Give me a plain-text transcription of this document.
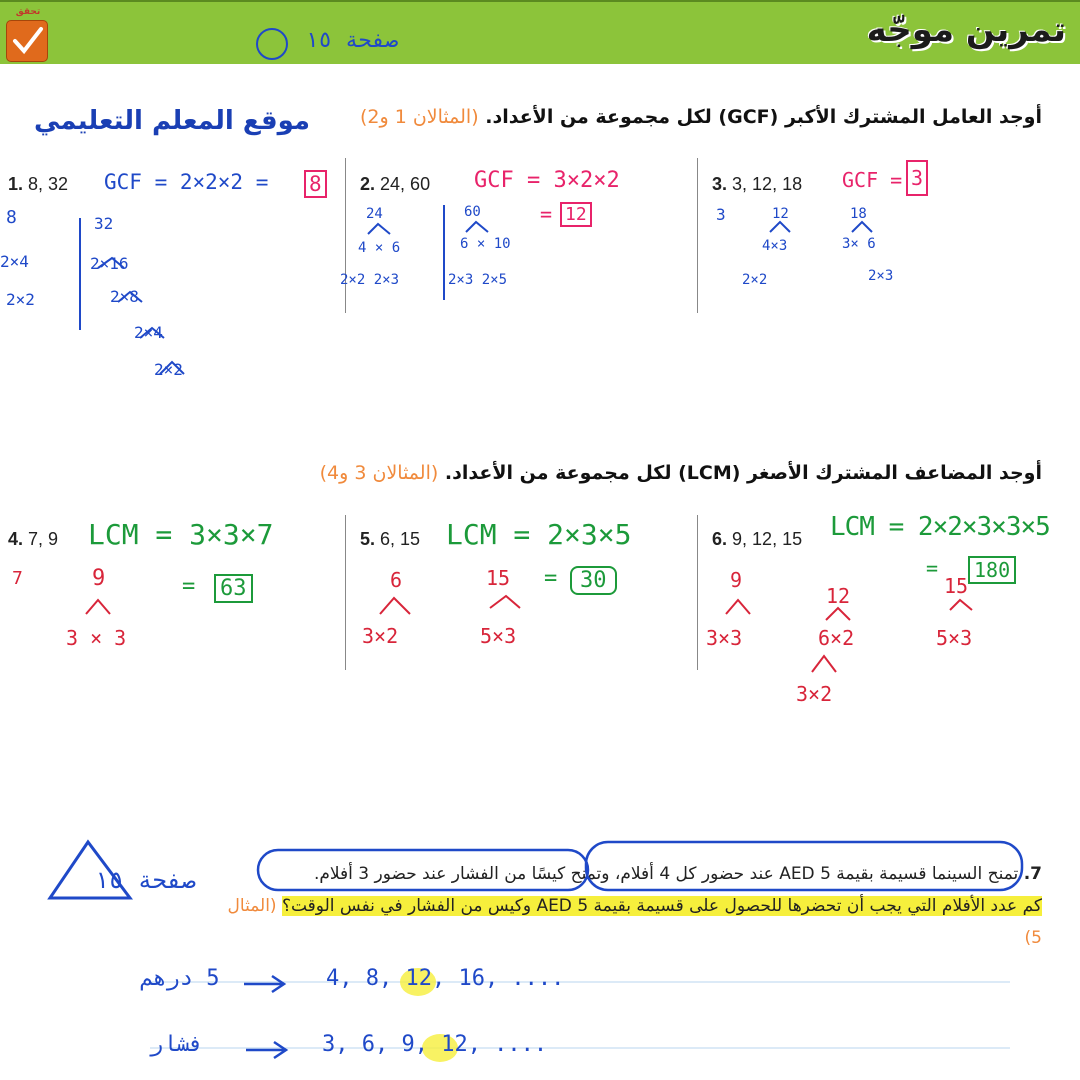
تمرين موجّه
تحقق
صفحة ١٥
موقع المعلم التعليمي	أوجد العامل المشترك الأكبر (GCF) لكل مجموعة من الأعداد. (المثالان 1 و2)
1. 8, 32 GCF = 2×2×2 = 8
8
2×4
2×2
32
2×16
2×8
2×4
2×2
2. 24, 60 GCF = 3×2×2
= 12
24
4 × 6
2×2 2×3
60
6 × 10
2×3 2×5
3. 3, 12, 18 GCF = 3
3	12
4×3
2×2
18
3× 6
2×3
أوجد المضاعف المشترك الأصغر (LCM) لكل مجموعة من الأعداد. (المثالان 3 و4)
4. 7, 9 LCM = 3×3×7
= 63
7	9
3 × 3
5. 6, 15 LCM = 2×3×5
=	30
6
3×2
15
5×3
6. 9, 12, 15 LCM = 2×2×3×3×5
=	180
9
3×3
12
6×2
3×2
15
5×3
7. تمنح السينما قسيمة بقيمة 5 AED عند حضور كل 4 أفلام، وتمنح كيسًا من الفشار عند حضور 3 أفلام.
كم عدد الأفلام التي يجب أن تحضرها للحصول على قسيمة بقيمة 5 AED وكيس من الفشار في نفس الوقت؟ (المثال 5)
صفحة ١٥
5 درهم	4, 8, 12, 16, ....
فشار	3, 6, 9, 12, ....
